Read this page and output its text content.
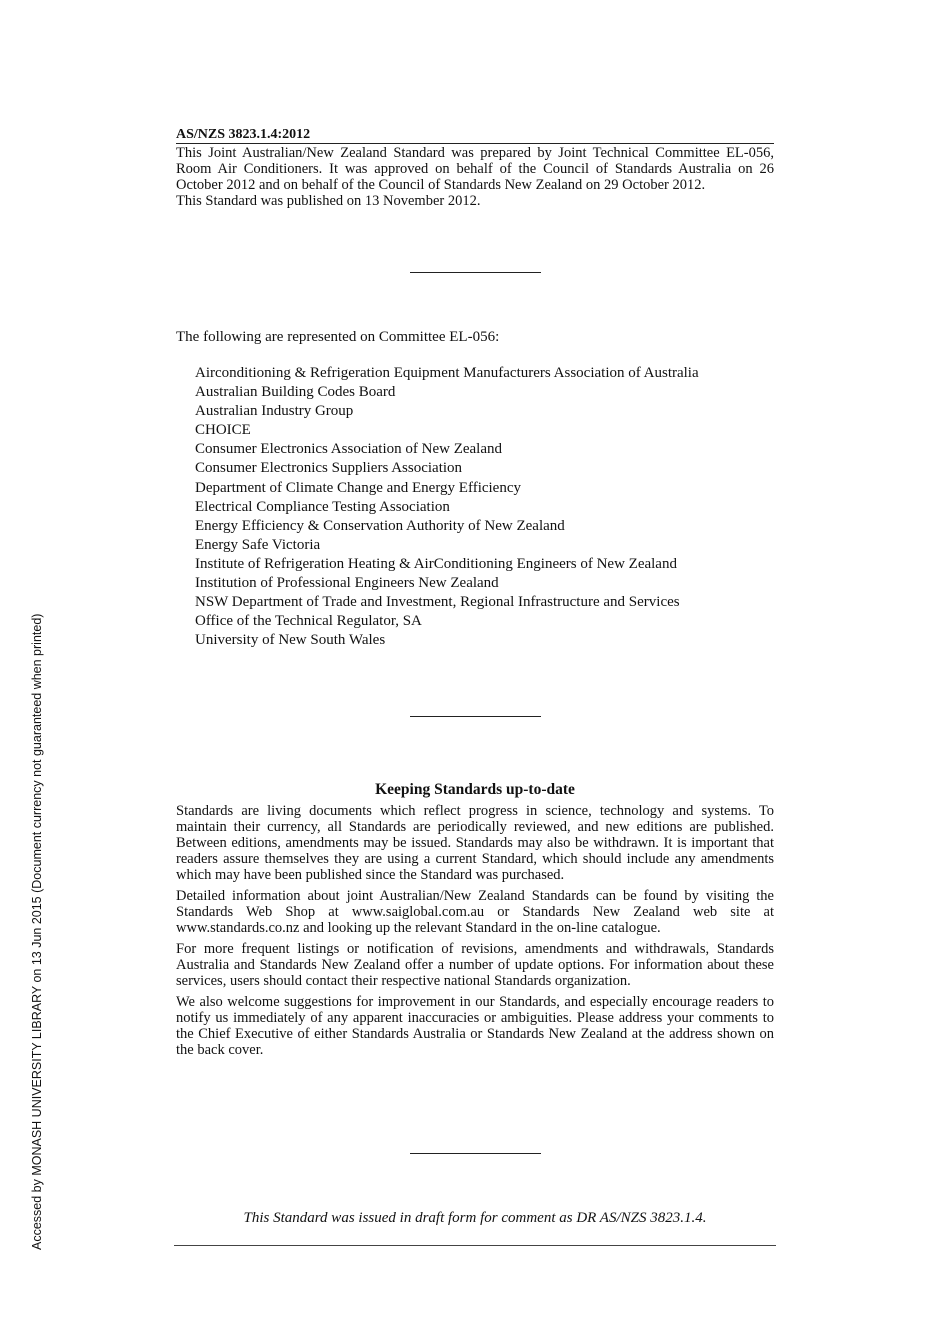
AS/NZS 3823.1.4:2012

This Joint Australian/New Zealand Standard was prepared by Joint Technical Committee EL-056, Room Air Conditioners. It was approved on behalf of the Council of Standards Australia on 26 October 2012 and on behalf of the Council of Standards New Zealand on 29 October 2012.

This Standard was published on 13 November 2012.

The following are represented on Committee EL-056:
Airconditioning & Refrigeration Equipment Manufacturers Association of Australia
Australian Building Codes Board
Australian Industry Group
CHOICE
Consumer Electronics Association of New Zealand
Consumer Electronics Suppliers Association
Department of Climate Change and Energy Efficiency
Electrical Compliance Testing Association
Energy Efficiency & Conservation Authority of New Zealand
Energy Safe Victoria
Institute of Refrigeration Heating & AirConditioning Engineers of New Zealand
Institution of Professional Engineers New Zealand
NSW Department of Trade and Investment, Regional Infrastructure and Services
Office of the Technical Regulator, SA
University of New South Wales
Keeping Standards up-to-date

Standards are living documents which reflect progress in science, technology and systems. To maintain their currency, all Standards are periodically reviewed, and new editions are published. Between editions, amendments may be issued. Standards may also be withdrawn. It is important that readers assure themselves they are using a current Standard, which should include any amendments which may have been published since the Standard was purchased.

Detailed information about joint Australian/New Zealand Standards can be found by visiting the Standards Web Shop at www.saiglobal.com.au or Standards New Zealand web site at www.standards.co.nz and looking up the relevant Standard in the on-line catalogue.

For more frequent listings or notification of revisions, amendments and withdrawals, Standards Australia and Standards New Zealand offer a number of update options. For information about these services, users should contact their respective national Standards organization.

We also welcome suggestions for improvement in our Standards, and especially encourage readers to notify us immediately of any apparent inaccuracies or ambiguities. Please address your comments to the Chief Executive of either Standards Australia or Standards New Zealand at the address shown on the back cover.

This Standard was issued in draft form for comment as DR AS/NZS 3823.1.4.
Accessed by MONASH UNIVERSITY LIBRARY on 13 Jun 2015 (Document currency not guaranteed when printed)
